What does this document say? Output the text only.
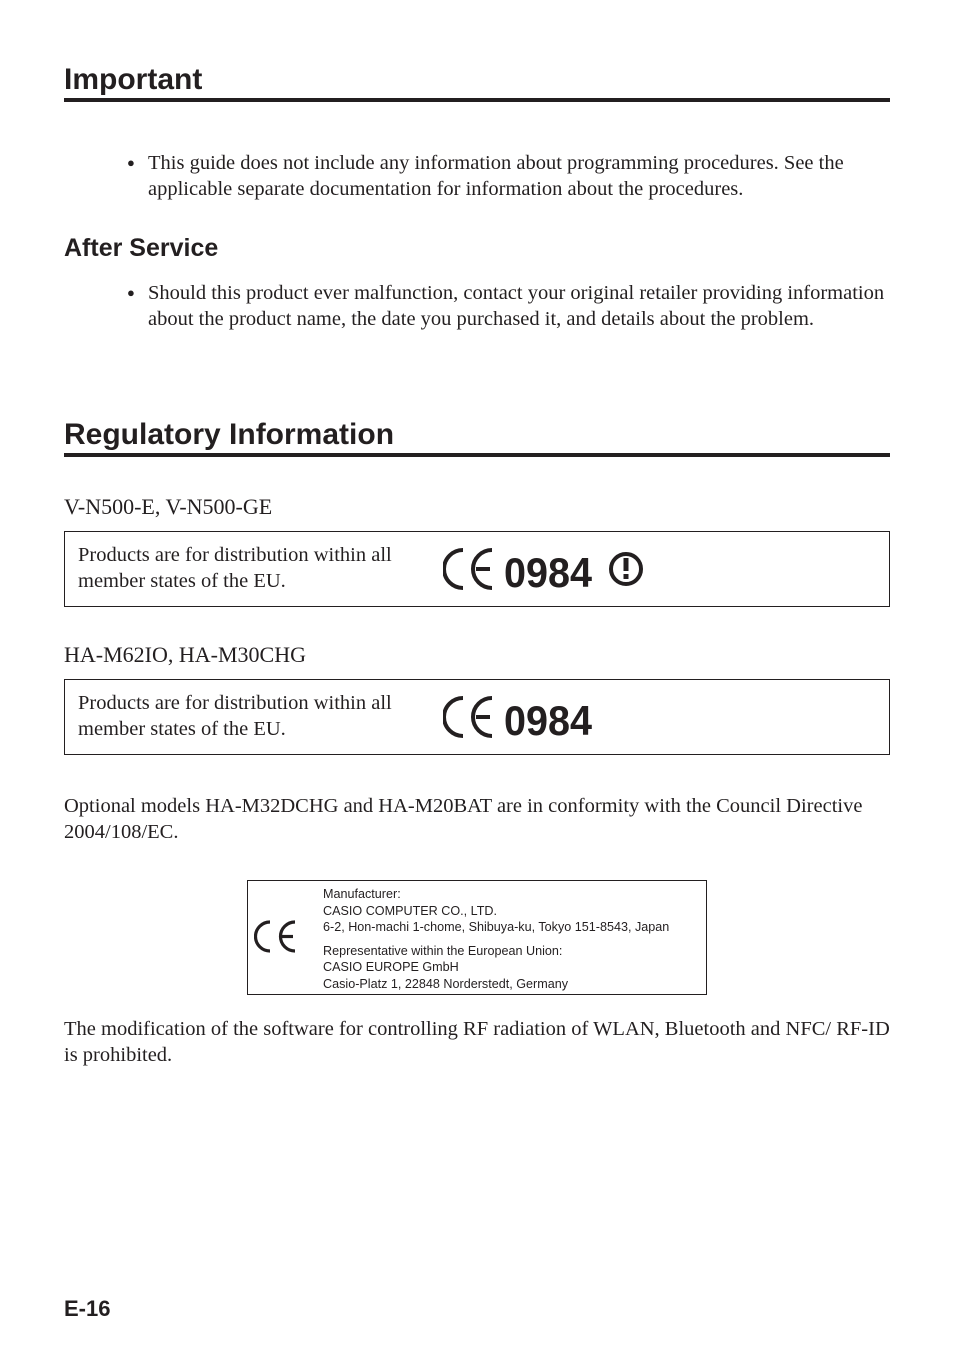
Important
● This guide does not include any information about programming procedures. See the applicable separate documentation for information about the procedures.
After Service
● Should this product ever malfunction, contact your original retailer providing information about the product name, the date you purchased it, and details about the problem.
Regulatory Information
V-N500-E, V-N500-GE
Products are for distribution within all member states of the EU.	0984
HA-M62IO, HA-M30CHG
Products are for distribution within all member states of the EU.	0984
Optional models HA-M32DCHG and HA-M20BAT are in conformity with the Council Directive 2004/108/EC.
Manufacturer:
CASIO COMPUTER CO., LTD.
6-2, Hon-machi 1-chome, Shibuya-ku, Tokyo 151-8543, Japan
Representative within the European Union:
CASIO EUROPE GmbH
Casio-Platz 1, 22848 Norderstedt, Germany
The modification of the software for controlling RF radiation of WLAN, Bluetooth and NFC/ RF-ID is prohibited.
E-16
